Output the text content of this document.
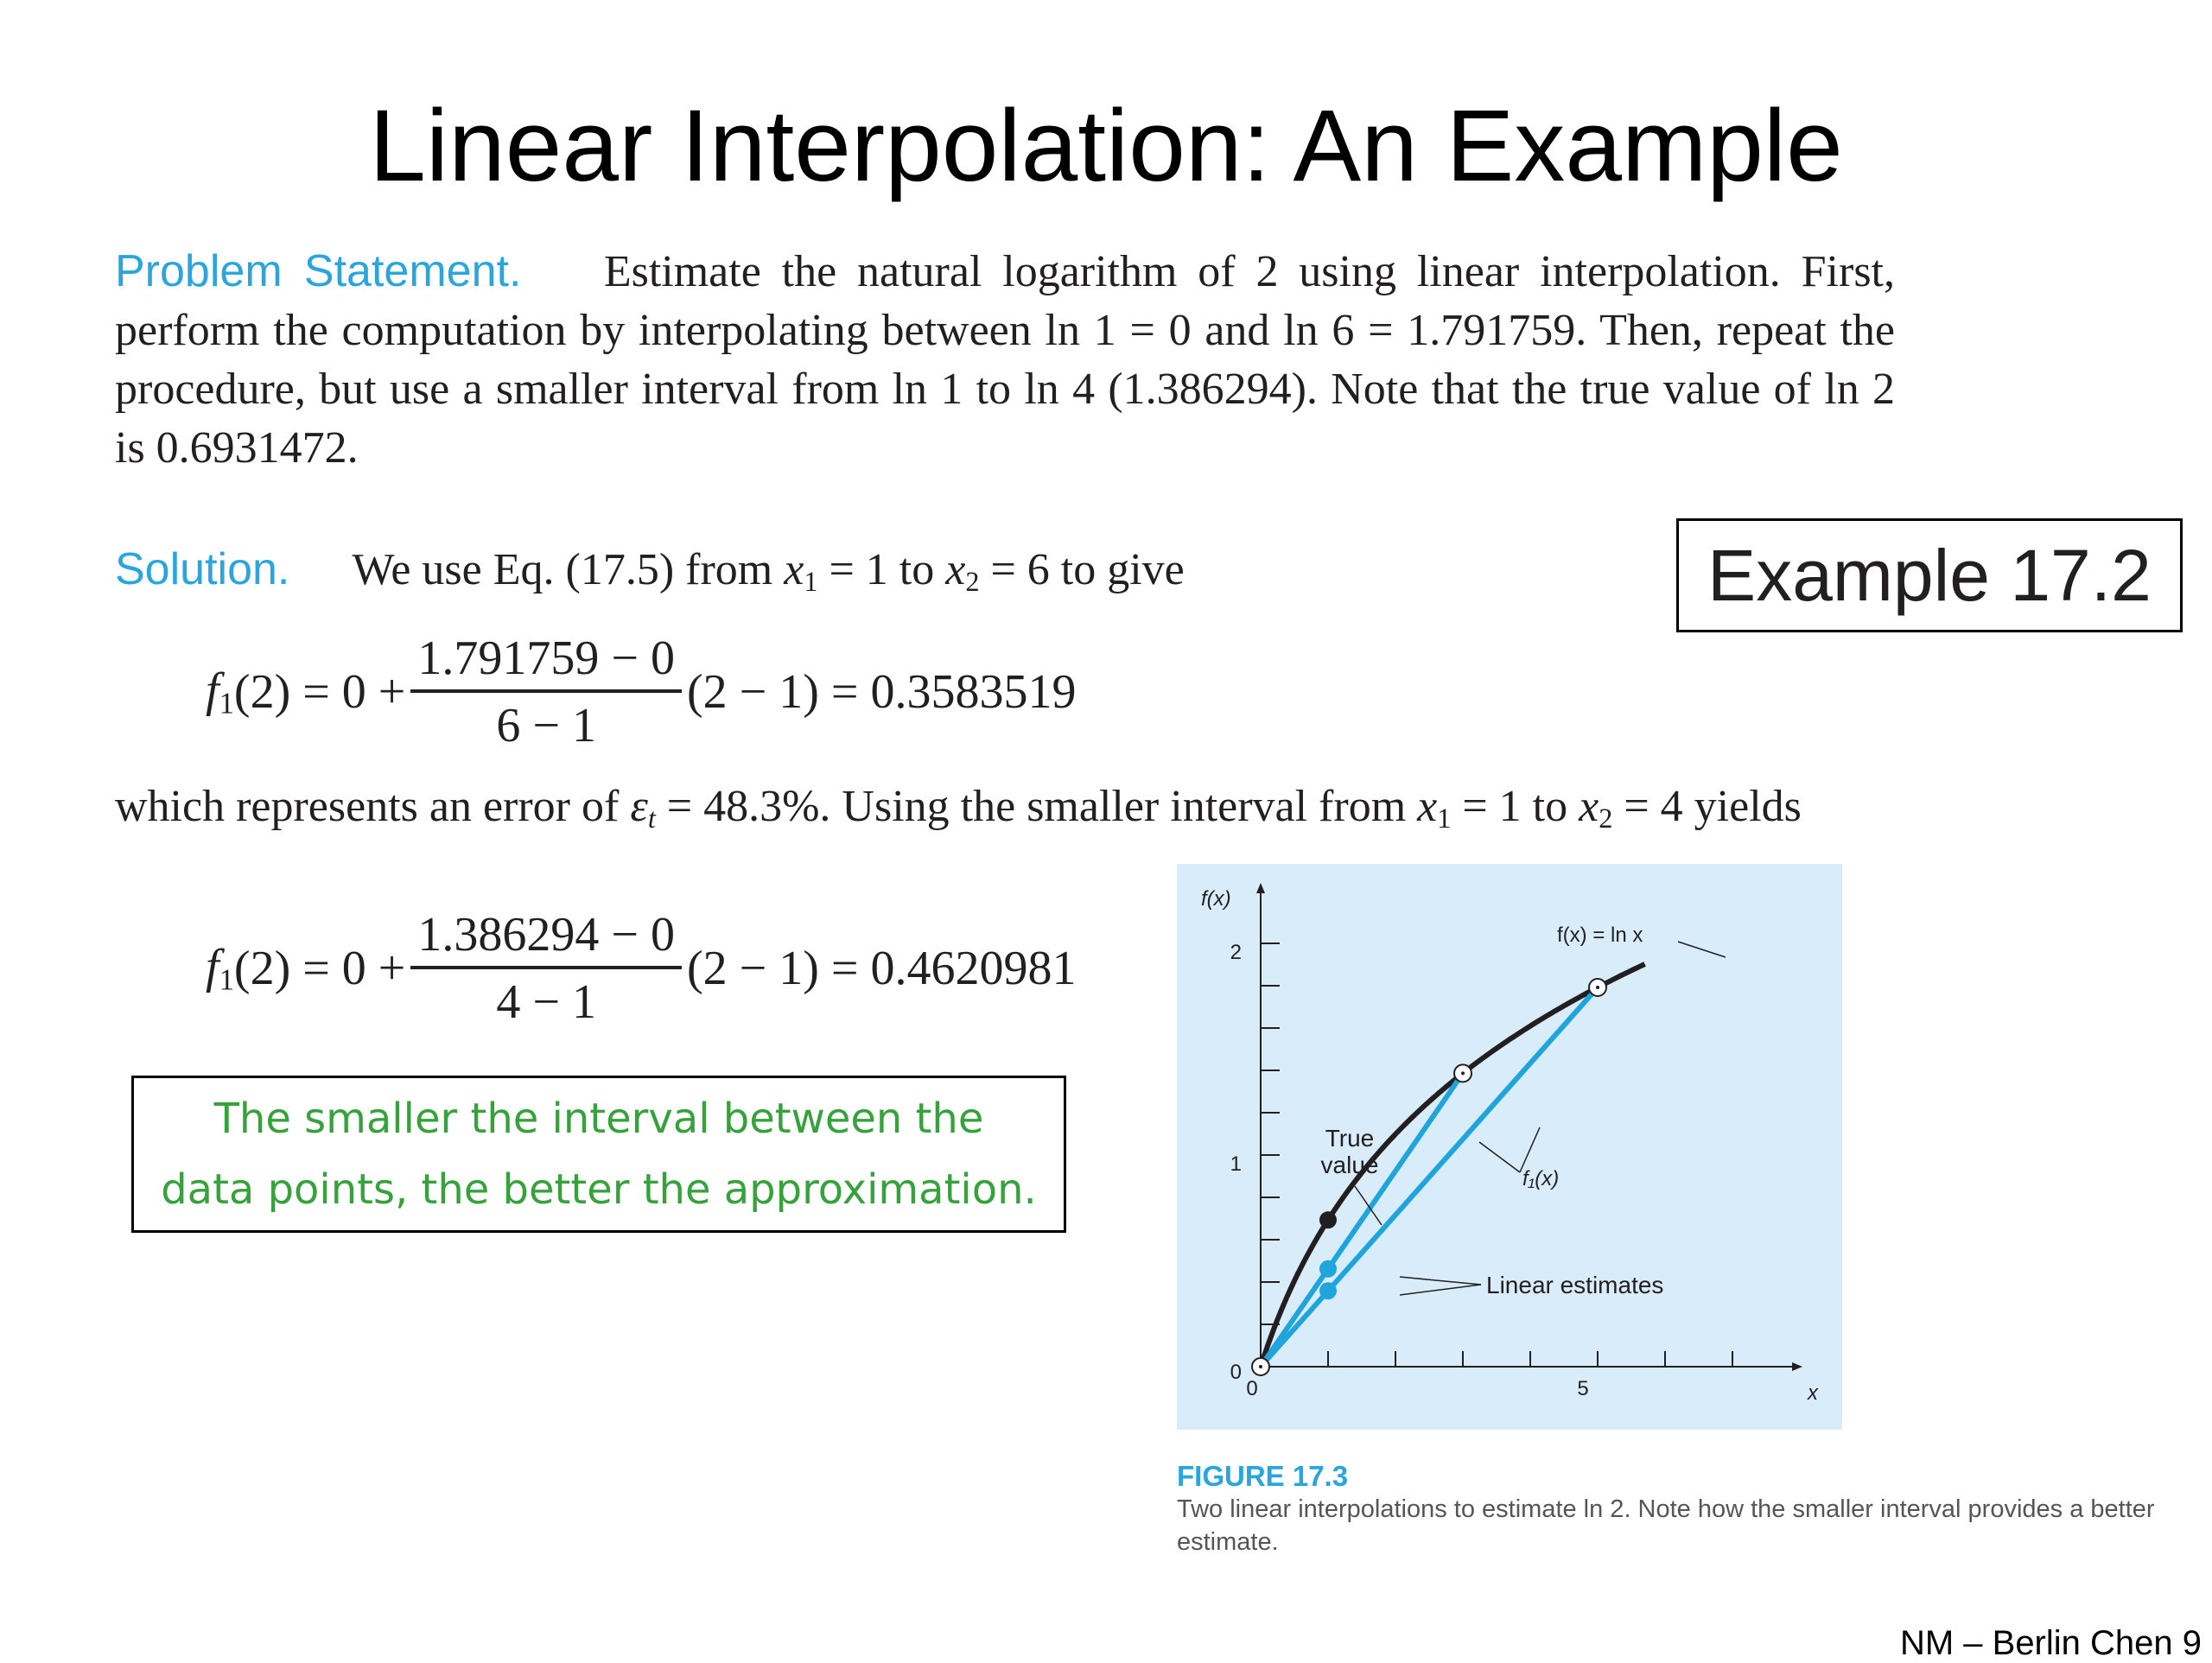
Linear Interpolation: An Example
Problem Statement. Estimate the natural logarithm of 2 using linear interpolation. First, perform the computation by interpolating between ln 1 = 0 and ln 6 = 1.791759. Then, repeat the procedure, but use a smaller interval from ln 1 to ln 4 (1.386294). Note that the true value of ln 2 is 0.6931472.
Solution. We use Eq. (17.5) from $x_1 = 1$ to $x_2 = 6$ to give	Example 17.2
$f_1$ $(2) = 0 + \frac{1.791759 - 0}{6 - 1} (2 - 1) = 0.3583519$
which represents an error of $\varepsilon_t = 48.3\%$. Using the smaller interval from $x_1 = 1$ to $x_2 = 4$ yields
$f_1$ $(2) = 0 + \frac{1.386294 - 0}{4 - 1} (2 - 1) = 0.4620981$
The smaller the interval between the
data points, the better the approximation.
f(x)
x
f(x) = ln x
True
value
f₁(x)
Linear estimates
0
1
2
0	5
FIGURE 17.3
Two linear interpolations to estimate ln 2. Note how the smaller interval provides a better estimate.
NM – Berlin Chen 9
